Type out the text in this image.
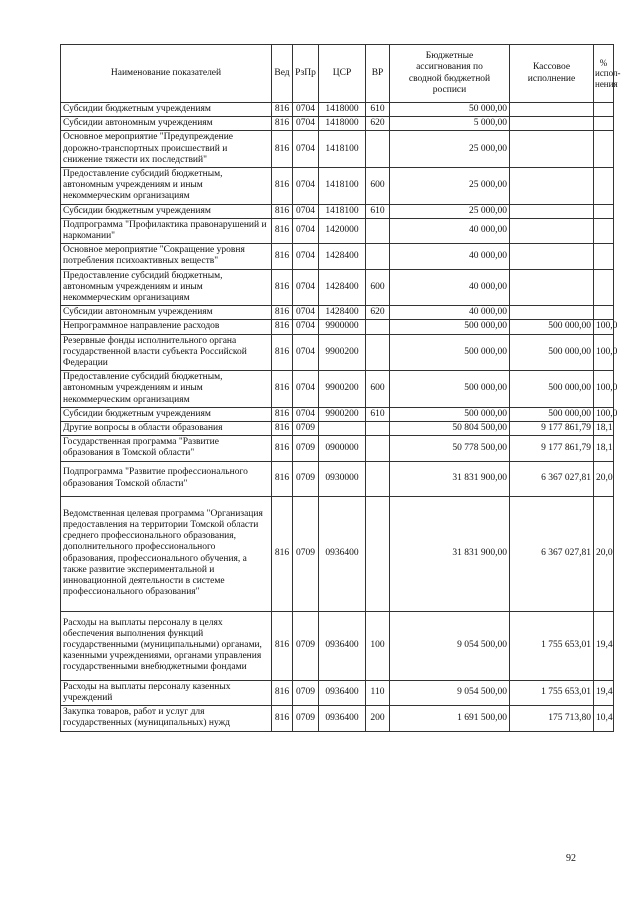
Наименование показателей	Вед	РзПр	ЦСР	ВР	Бюджетные ассигнования по сводной бюджетной росписи	Кассовое исполнение	% испол-нения
Субсидии бюджетным учреждениям	816	0704	1418000	610	50 000,00		
Субсидии автономным учреждениям	816	0704	1418000	620	5 000,00		
Основное мероприятие "Предупреждение дорожно-транспортных происшествий и снижение тяжести их последствий"	816	0704	1418100		25 000,00		
Предоставление субсидий бюджетным, автономным учреждениям и иным некоммерческим организациям	816	0704	1418100	600	25 000,00		
Субсидии бюджетным учреждениям	816	0704	1418100	610	25 000,00		
Подпрограмма "Профилактика правонарушений и наркомании"	816	0704	1420000		40 000,00		
Основное мероприятие "Сокращение уровня потребления психоактивных веществ"	816	0704	1428400		40 000,00		
Предоставление субсидий бюджетным, автономным учреждениям и иным некоммерческим организациям	816	0704	1428400	600	40 000,00		
Субсидии автономным учреждениям	816	0704	1428400	620	40 000,00		
Непрограммное направление расходов	816	0704	9900000		500 000,00	500 000,00	100,0
Резервные фонды исполнительного органа государственной власти субъекта Российской Федерации	816	0704	9900200		500 000,00	500 000,00	100,0
Предоставление субсидий бюджетным, автономным учреждениям и иным некоммерческим организациям	816	0704	9900200	600	500 000,00	500 000,00	100,0
Субсидии бюджетным учреждениям	816	0704	9900200	610	500 000,00	500 000,00	100,0
Другие вопросы в области образования	816	0709			50 804 500,00	9 177 861,79	18,1
Государственная программа "Развитие образования в Томской области"	816	0709	0900000		50 778 500,00	9 177 861,79	18,1
Подпрограмма "Развитие профессионального образования Томской области"	816	0709	0930000		31 831 900,00	6 367 027,81	20,0
Ведомственная целевая программа "Организация предоставления на территории Томской области среднего профессионального образования, дополнительного профессионального образования, профессионального обучения, а также развитие экспериментальной и инновационной деятельности в системе профессионального образования"	816	0709	0936400		31 831 900,00	6 367 027,81	20,0
Расходы на выплаты персоналу в целях обеспечения выполнения функций государственными (муниципальными) органами, казенными учреждениями, органами управления государственными внебюджетными фондами	816	0709	0936400	100	9 054 500,00	1 755 653,01	19,4
Расходы на выплаты персоналу казенных учреждений	816	0709	0936400	110	9 054 500,00	1 755 653,01	19,4
Закупка товаров, работ и услуг для государственных (муниципальных) нужд	816	0709	0936400	200	1 691 500,00	175 713,80	10,4
92
